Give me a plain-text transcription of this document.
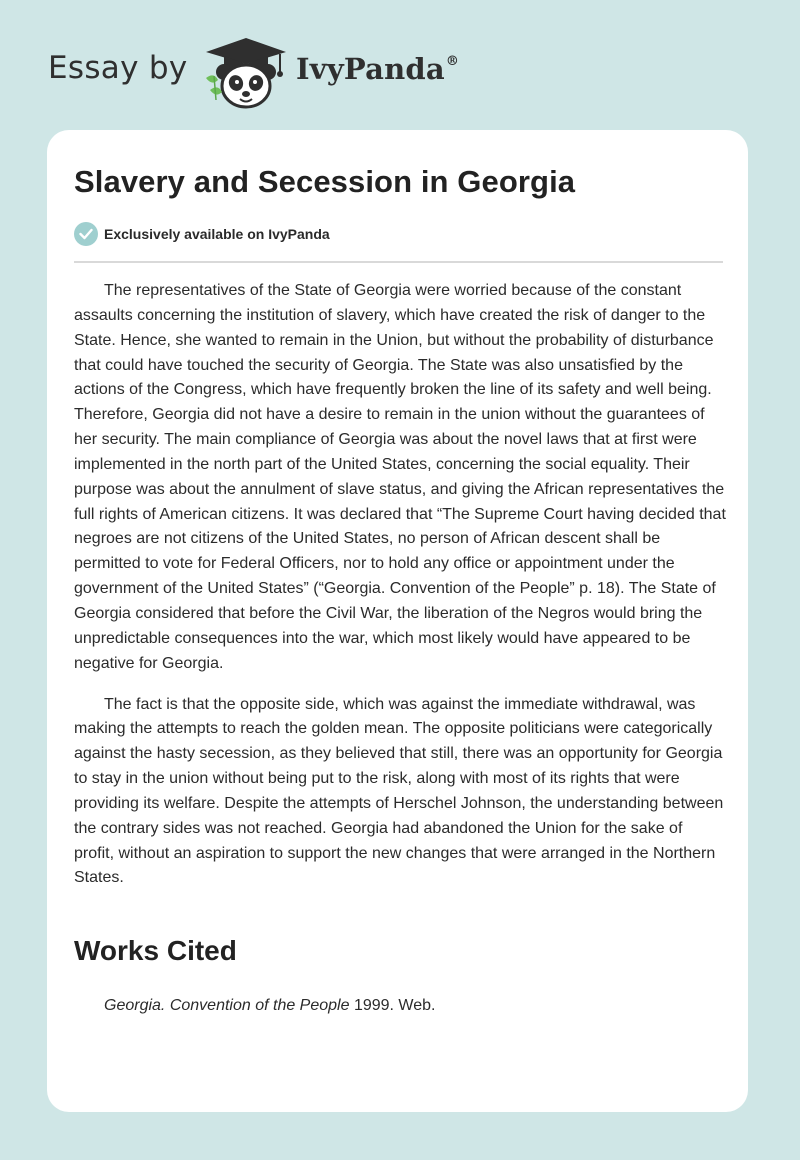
Essay by	IvyPanda®
Slavery and Secession in Georgia
Exclusively available on IvyPanda

The representatives of the State of Georgia were worried because of the constant assaults concerning the institution of slavery, which have created the risk of danger to the State. Hence, she wanted to remain in the Union, but without the probability of disturbance that could have touched the security of Georgia. The State was also unsatisfied by the actions of the Congress, which have frequently broken the line of its safety and well being. Therefore, Georgia did not have a desire to remain in the union without the guarantees of her security. The main compliance of Georgia was about the novel laws that at first were implemented in the north part of the United States, concerning the social equality. Their purpose was about the annulment of slave status, and giving the African representatives the full rights of American citizens. It was declared that “The Supreme Court having decided that negroes are not citizens of the United States, no person of African descent shall be permitted to vote for Federal Officers, nor to hold any office or appointment under the government of the United States” (“Georgia. Convention of the People” p. 18). The State of Georgia considered that before the Civil War, the liberation of the Negros would bring the unpredictable consequences into the war, which most likely would have appeared to be negative for Georgia.

The fact is that the opposite side, which was against the immediate withdrawal, was making the attempts to reach the golden mean. The opposite politicians were categorically against the hasty secession, as they believed that still, there was an opportunity for Georgia to stay in the union without being put to the risk, along with most of its rights that were providing its welfare. Despite the attempts of Herschel Johnson, the understanding between the contrary sides was not reached. Georgia had abandoned the Union for the sake of profit, without an aspiration to support the new changes that were arranged in the Northern States.

Works Cited
Georgia. Convention of the People 1999. Web.
